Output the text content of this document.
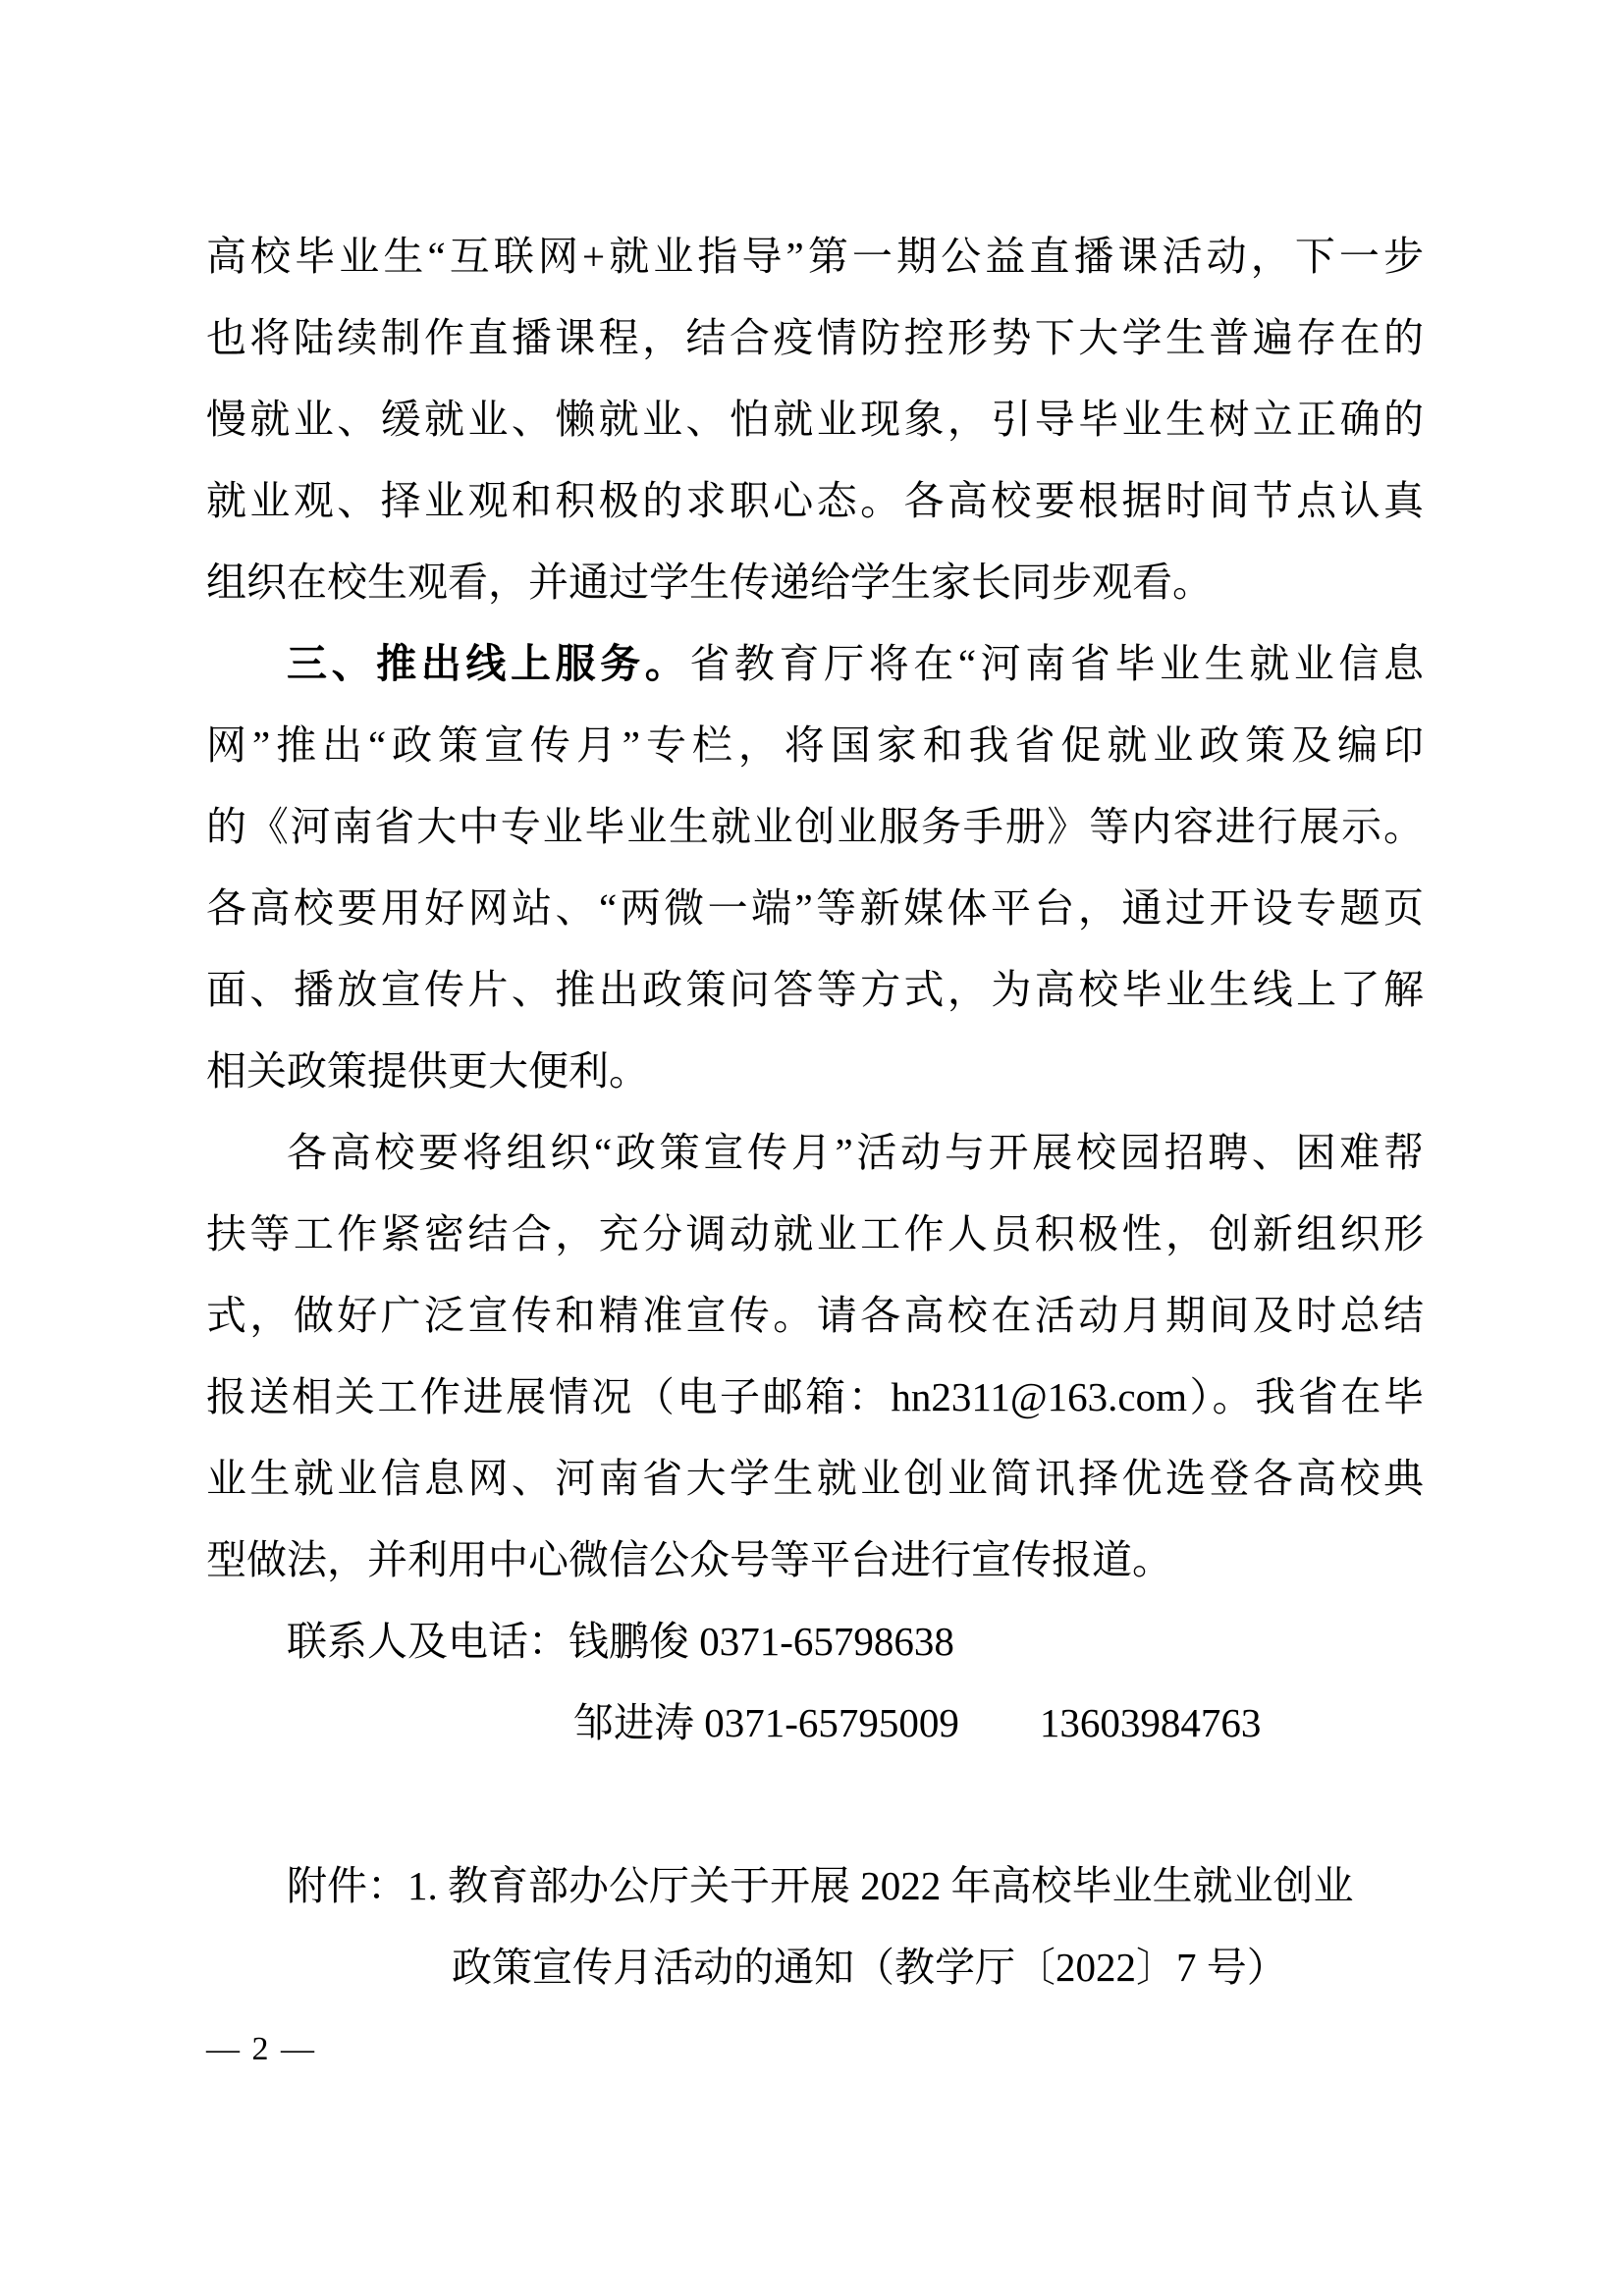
高校毕业生“互联网+就业指导”第一期公益直播课活动，下一步
也将陆续制作直播课程，结合疫情防控形势下大学生普遍存在的
慢就业、缓就业、懒就业、怕就业现象，引导毕业生树立正确的
就业观、择业观和积极的求职心态。各高校要根据时间节点认真
组织在校生观看，并通过学生传递给学生家长同步观看。
三、推出线上服务。省教育厅将在“河南省毕业生就业信息
网”推出“政策宣传月”专栏，将国家和我省促就业政策及编印
的《河南省大中专业毕业生就业创业服务手册》等内容进行展示。
各高校要用好网站、“两微一端”等新媒体平台，通过开设专题页
面、播放宣传片、推出政策问答等方式，为高校毕业生线上了解
相关政策提供更大便利。
各高校要将组织“政策宣传月”活动与开展校园招聘、困难帮
扶等工作紧密结合，充分调动就业工作人员积极性，创新组织形
式，做好广泛宣传和精准宣传。请各高校在活动月期间及时总结
报送相关工作进展情况（电子邮箱：hn2311@163.com）。我省在毕
业生就业信息网、河南省大学生就业创业简讯择优选登各高校典
型做法，并利用中心微信公众号等平台进行宣传报道。
联系人及电话：钱鹏俊 0371-65798638
邹进涛 0371-65795009　　13603984763
附件：1. 教育部办公厅关于开展 2022 年高校毕业生就业创业
政策宣传月活动的通知（教学厅〔2022〕7 号）
— 2 —
